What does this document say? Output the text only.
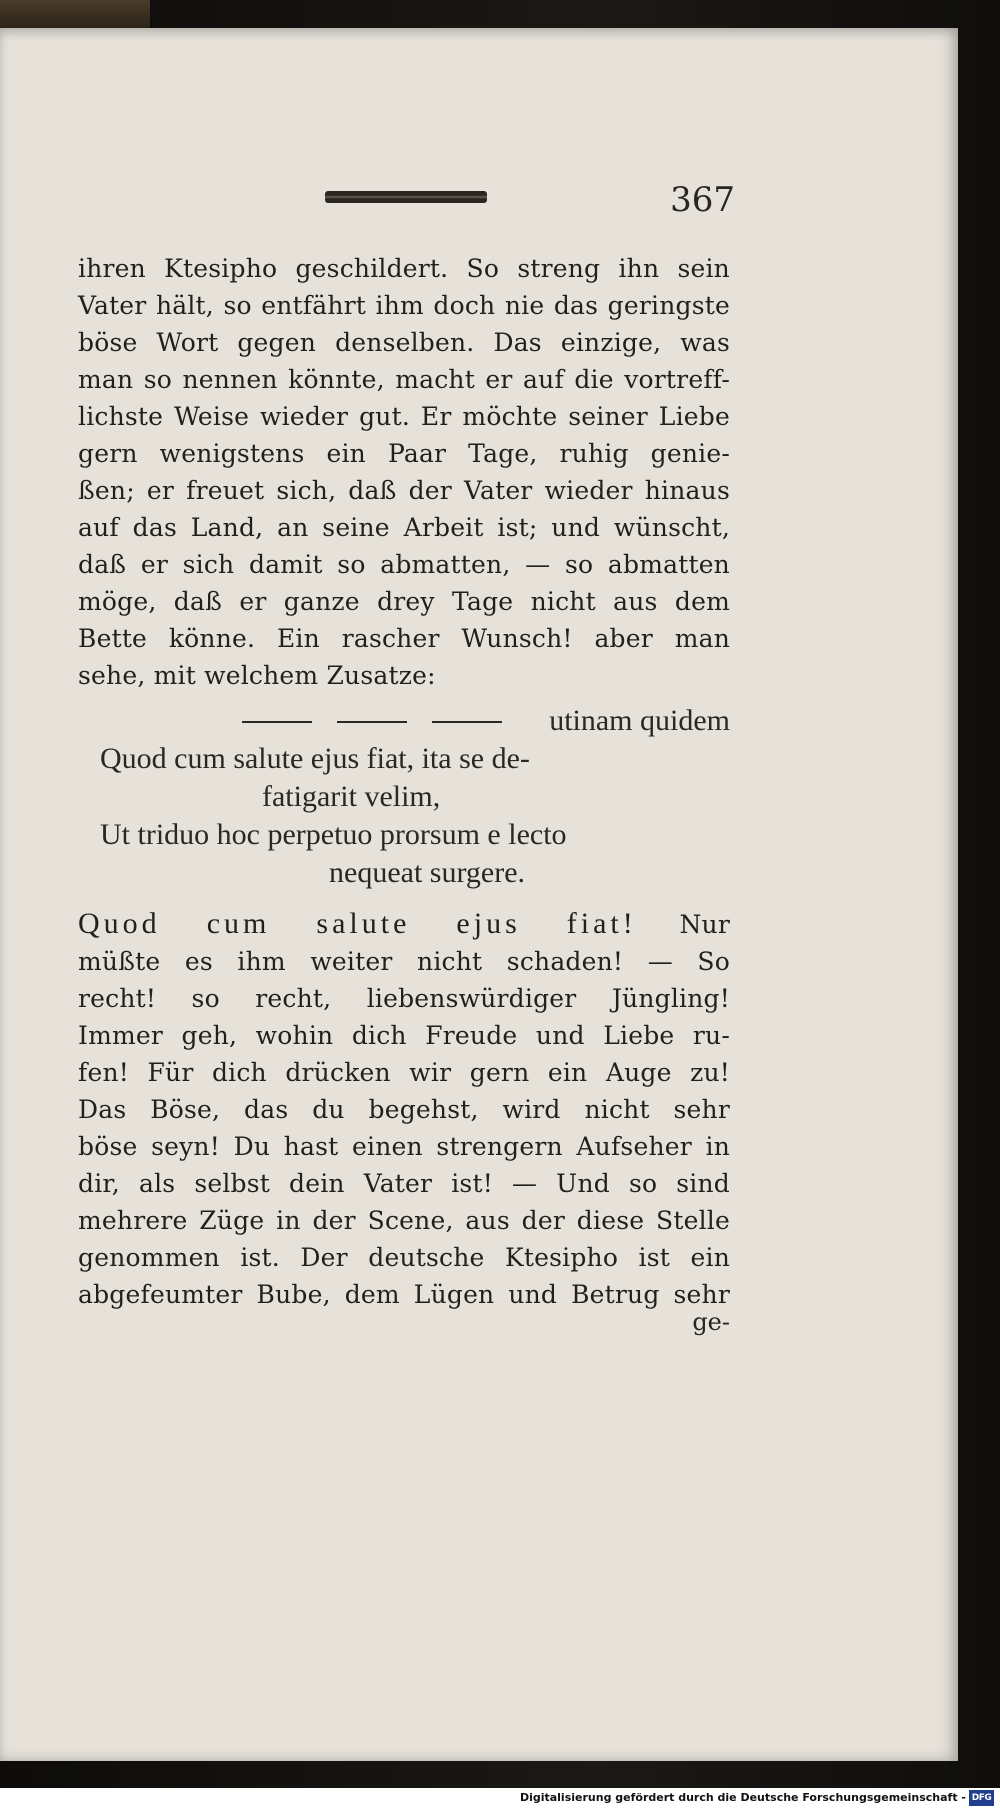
367
ihren Ktesipho geschildert. So streng ihn sein
Vater hält, so entfährt ihm doch nie das geringste
böse Wort gegen denselben. Das einzige, was
man so nennen könnte, macht er auf die vortreff-
lichste Weise wieder gut. Er möchte seiner Liebe
gern wenigstens ein Paar Tage, ruhig genie-
ßen; er freuet sich, daß der Vater wieder hinaus
auf das Land, an seine Arbeit ist; und wünscht,
daß er sich damit so abmatten, — so abmatten
möge, daß er ganze drey Tage nicht aus dem
Bette könne. Ein rascher Wunsch! aber man
sehe, mit welchem Zusatze:
utinam quidem
Quod cum salute ejus fiat, ita se de-
fatigarit velim,
Ut triduo hoc perpetuo prorsum e lecto
nequeat surgere.
Quod cum salute ejus fiat! Nur
müßte es ihm weiter nicht schaden! — So
recht! so recht, liebenswürdiger Jüngling!
Immer geh, wohin dich Freude und Liebe ru-
fen! Für dich drücken wir gern ein Auge zu!
Das Böse, das du begehst, wird nicht sehr
böse seyn! Du hast einen strengern Aufseher in
dir, als selbst dein Vater ist! — Und so sind
mehrere Züge in der Scene, aus der diese Stelle
genommen ist. Der deutsche Ktesipho ist ein
abgefeumter Bube, dem Lügen und Betrug sehr
ge-
Digitalisierung gefördert durch die Deutsche Forschungsgemeinschaft - DFG
